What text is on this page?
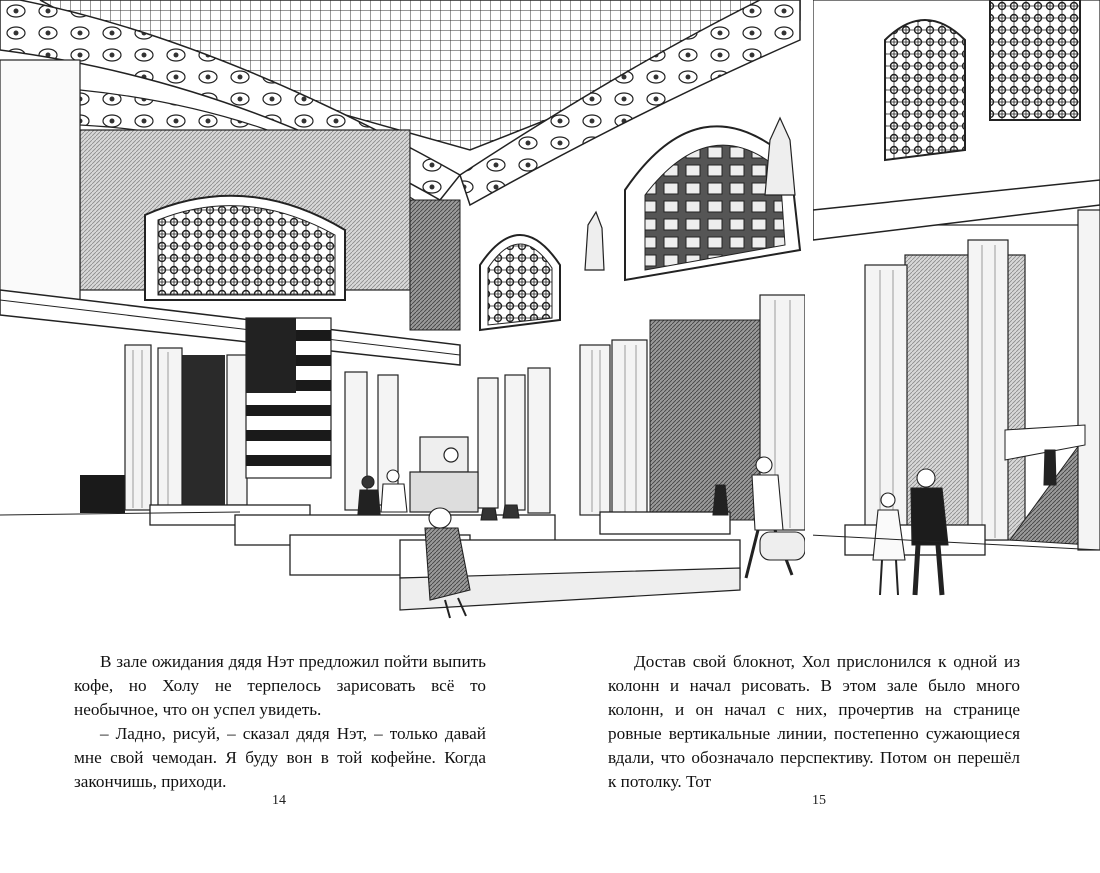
В зале ожидания дядя Нэт предложил пойти выпить кофе, но Холу не терпелось зарисовать всё то необычное, что он успел увидеть.

– Ладно, рисуй, – сказал дядя Нэт, – только давай мне свой чемодан. Я буду вон в той кофейне. Когда закончишь, приходи.

Достав свой блокнот, Хол прислонился к одной из колонн и начал рисовать. В этом зале было много колонн, и он начал с них, прочертив на странице ровные вертикальные линии, постепенно сужающиеся вдали, что обозначало перспективу. Потом он перешёл к потолку. Тот

14	15
